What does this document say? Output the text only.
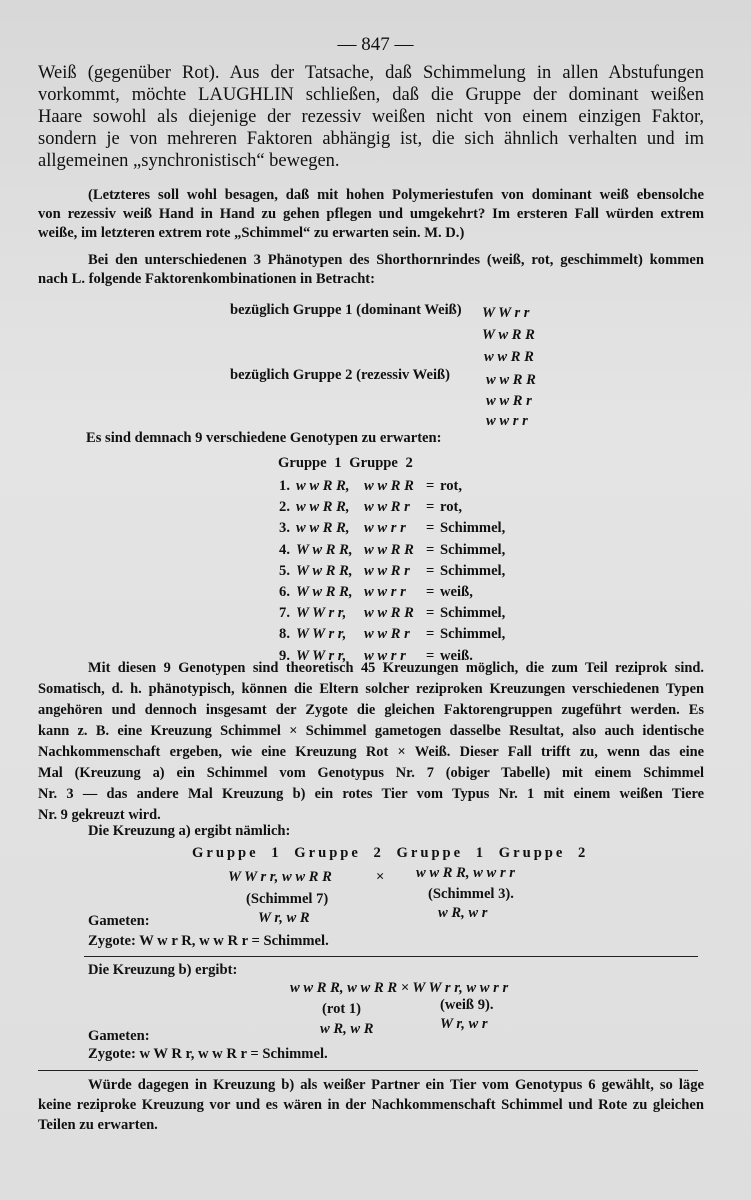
— 847 —
Weiß (gegenüber Rot). Aus der Tatsache, daß Schimmelung in allen Abstufungen
vorkommt, möchte LAUGHLIN schließen, daß die Gruppe der dominant weißen
Haare sowohl als diejenige der rezessiv weißen nicht von einem einzigen Faktor,
sondern je von mehreren Faktoren abhängig ist, die sich ähnlich verhalten und im
allgemeinen „synchronistisch“ bewegen.
(Letzteres soll wohl besagen, daß mit hohen Polymeriestufen von dominant weiß ebensolche
von rezessiv weiß Hand in Hand zu gehen pflegen und umgekehrt? Im ersteren Fall würden extrem
weiße, im letzteren extrem rote „Schimmel“ zu erwarten sein. M. D.)
Bei den unterschiedenen 3 Phänotypen des Shorthornrindes (weiß, rot, geschimmelt) kommen
nach L. folgende Faktorenkombinationen in Betracht:
bezüglich Gruppe 1 (dominant Weiß) W W r r
W w R R
w w R R
bezüglich Gruppe 2 (rezessiv Weiß) w w R R
w w R r
w w r r
Es sind demnach 9 verschiedene Genotypen zu erwarten:
Gruppe 1 Gruppe 2
1. w w R R, w w R R = rot,
2. w w R R, w w R r = rot,
3. w w R R, w w r r = Schimmel,
4. W w R R, w w R R = Schimmel,
5. W w R R, w w R r = Schimmel,
6. W w R R, w w r r = weiß,
7. W W r r, w w R R = Schimmel,
8. W W r r, w w R r = Schimmel,
9. W W r r, w w r r = weiß.
Mit diesen 9 Genotypen sind theoretisch 45 Kreuzungen möglich, die zum Teil reziprok sind.
Somatisch, d. h. phänotypisch, können die Eltern solcher reziproken Kreuzungen verschiedenen Typen
angehören und dennoch insgesamt der Zygote die gleichen Faktorengruppen zugeführt werden. Es
kann z. B. eine Kreuzung Schimmel × Schimmel gametogen dasselbe Resultat, also auch identische
Nachkommenschaft ergeben, wie eine Kreuzung Rot × Weiß. Dieser Fall trifft zu, wenn das eine
Mal (Kreuzung a) ein Schimmel vom Genotypus Nr. 7 (obiger Tabelle) mit einem Schimmel
Nr. 3 — das andere Mal Kreuzung b) ein rotes Tier vom Typus Nr. 1 mit einem weißen Tiere
Nr. 9 gekreuzt wird.
Die Kreuzung a) ergibt nämlich:
Gruppe 1 Gruppe 2 Gruppe 1 Gruppe 2
W W r r, w w R R	× w w R R, w w r r
(Schimmel 7)	(Schimmel 3).
Gameten:	W r, w R	w R, w r
Zygote: W w r R, w w R r = Schimmel.
Die Kreuzung b) ergibt:
w w R R, w w R R × W W r r, w w r r
(rot 1)	(weiß 9).
Gameten:	w R, w R	W r, w r
Zygote: w W R r, w w R r = Schimmel.
Würde dagegen in Kreuzung b) als weißer Partner ein Tier vom Genotypus 6 gewählt, so läge
keine reziproke Kreuzung vor und es wären in der Nachkommenschaft Schimmel und Rote zu gleichen
Teilen zu erwarten.
